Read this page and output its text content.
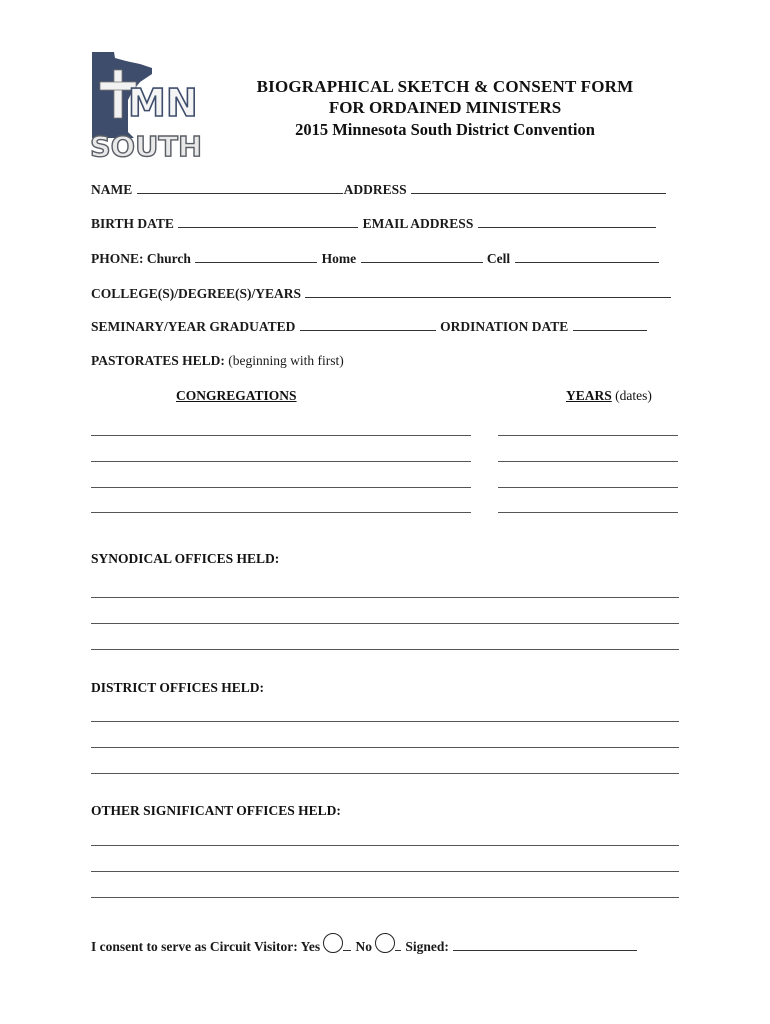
MN
SOUTH
BIOGRAPHICAL SKETCH & CONSENT FORM
FOR ORDAINED MINISTERS
2015 Minnesota South District Convention
NAME	ADDRESS
BIRTH DATE	EMAIL ADDRESS
PHONE: Church	Home	Cell
COLLEGE(S)/DEGREE(S)/YEARS
SEMINARY/YEAR GRADUATED	ORDINATION DATE
PASTORATES HELD: (beginning with first)
CONGREGATIONS	YEARS (dates)
SYNODICAL OFFICES HELD:
DISTRICT OFFICES HELD:
OTHER SIGNIFICANT OFFICES HELD:
I consent to serve as Circuit Visitor: Yes	No Signed:
